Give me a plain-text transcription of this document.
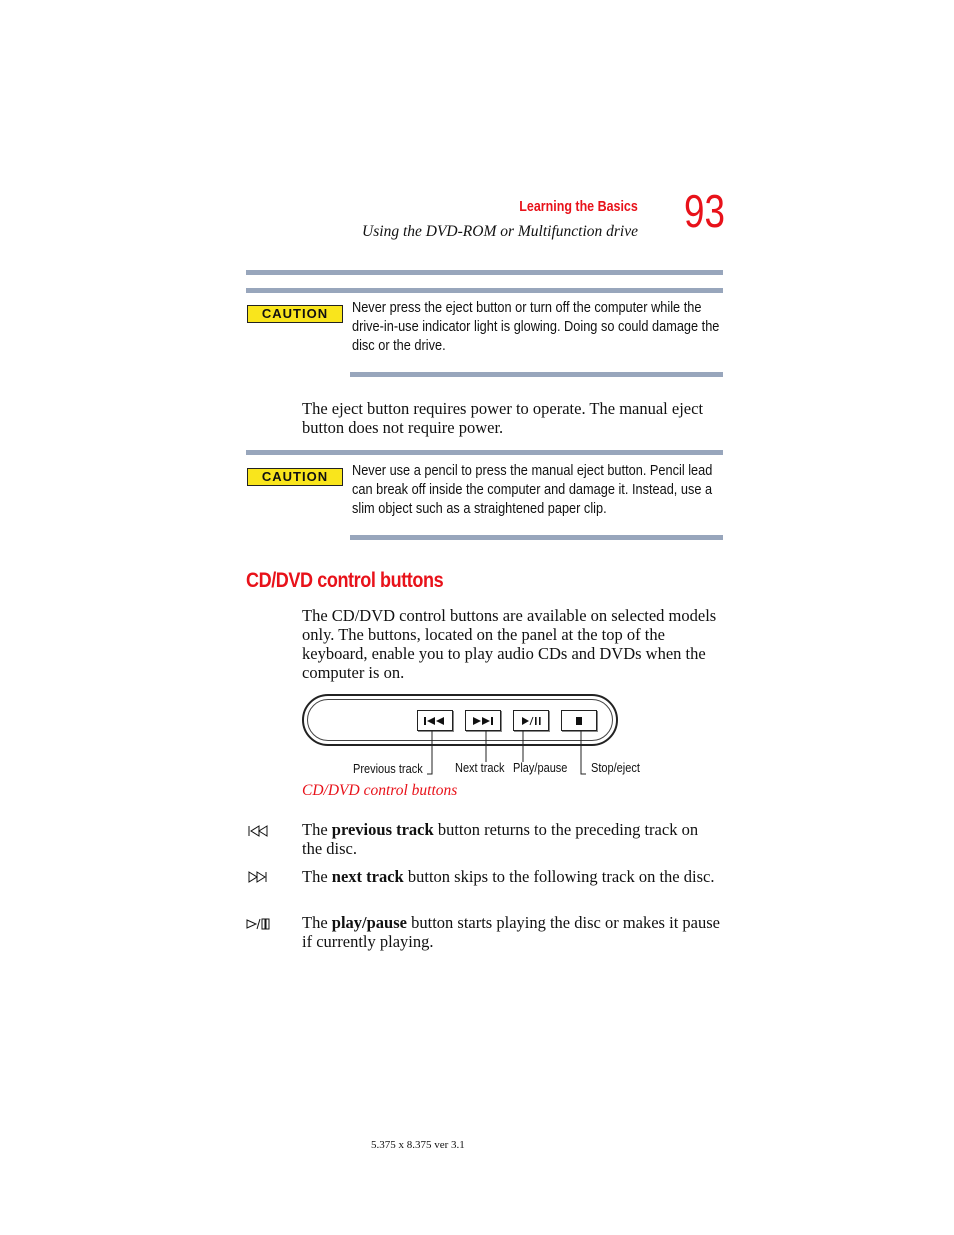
Learning the Basics
Using the DVD-ROM or Multifunction drive 93
CAUTION	Never press the eject button or turn off the computer while the drive-in-use indicator light is glowing. Doing so could damage the disc or the drive.
The eject button requires power to operate. The manual eject button does not require power.
CAUTION	Never use a pencil to press the manual eject button. Pencil lead can break off inside the computer and damage it. Instead, use a slim object such as a straightened paper clip.
CD/DVD control buttons
The CD/DVD control buttons are available on selected models only. The buttons, located on the panel at the top of the keyboard, enable you to play audio CDs and DVDs when the computer is on.
Previous track	Next track Play/pause Stop/eject
CD/DVD control buttons
The previous track button returns to the preceding track on the disc.
The next track button skips to the following track on the disc.
The play/pause button starts playing the disc or makes it pause if currently playing.
5.375 x 8.375 ver 3.1
